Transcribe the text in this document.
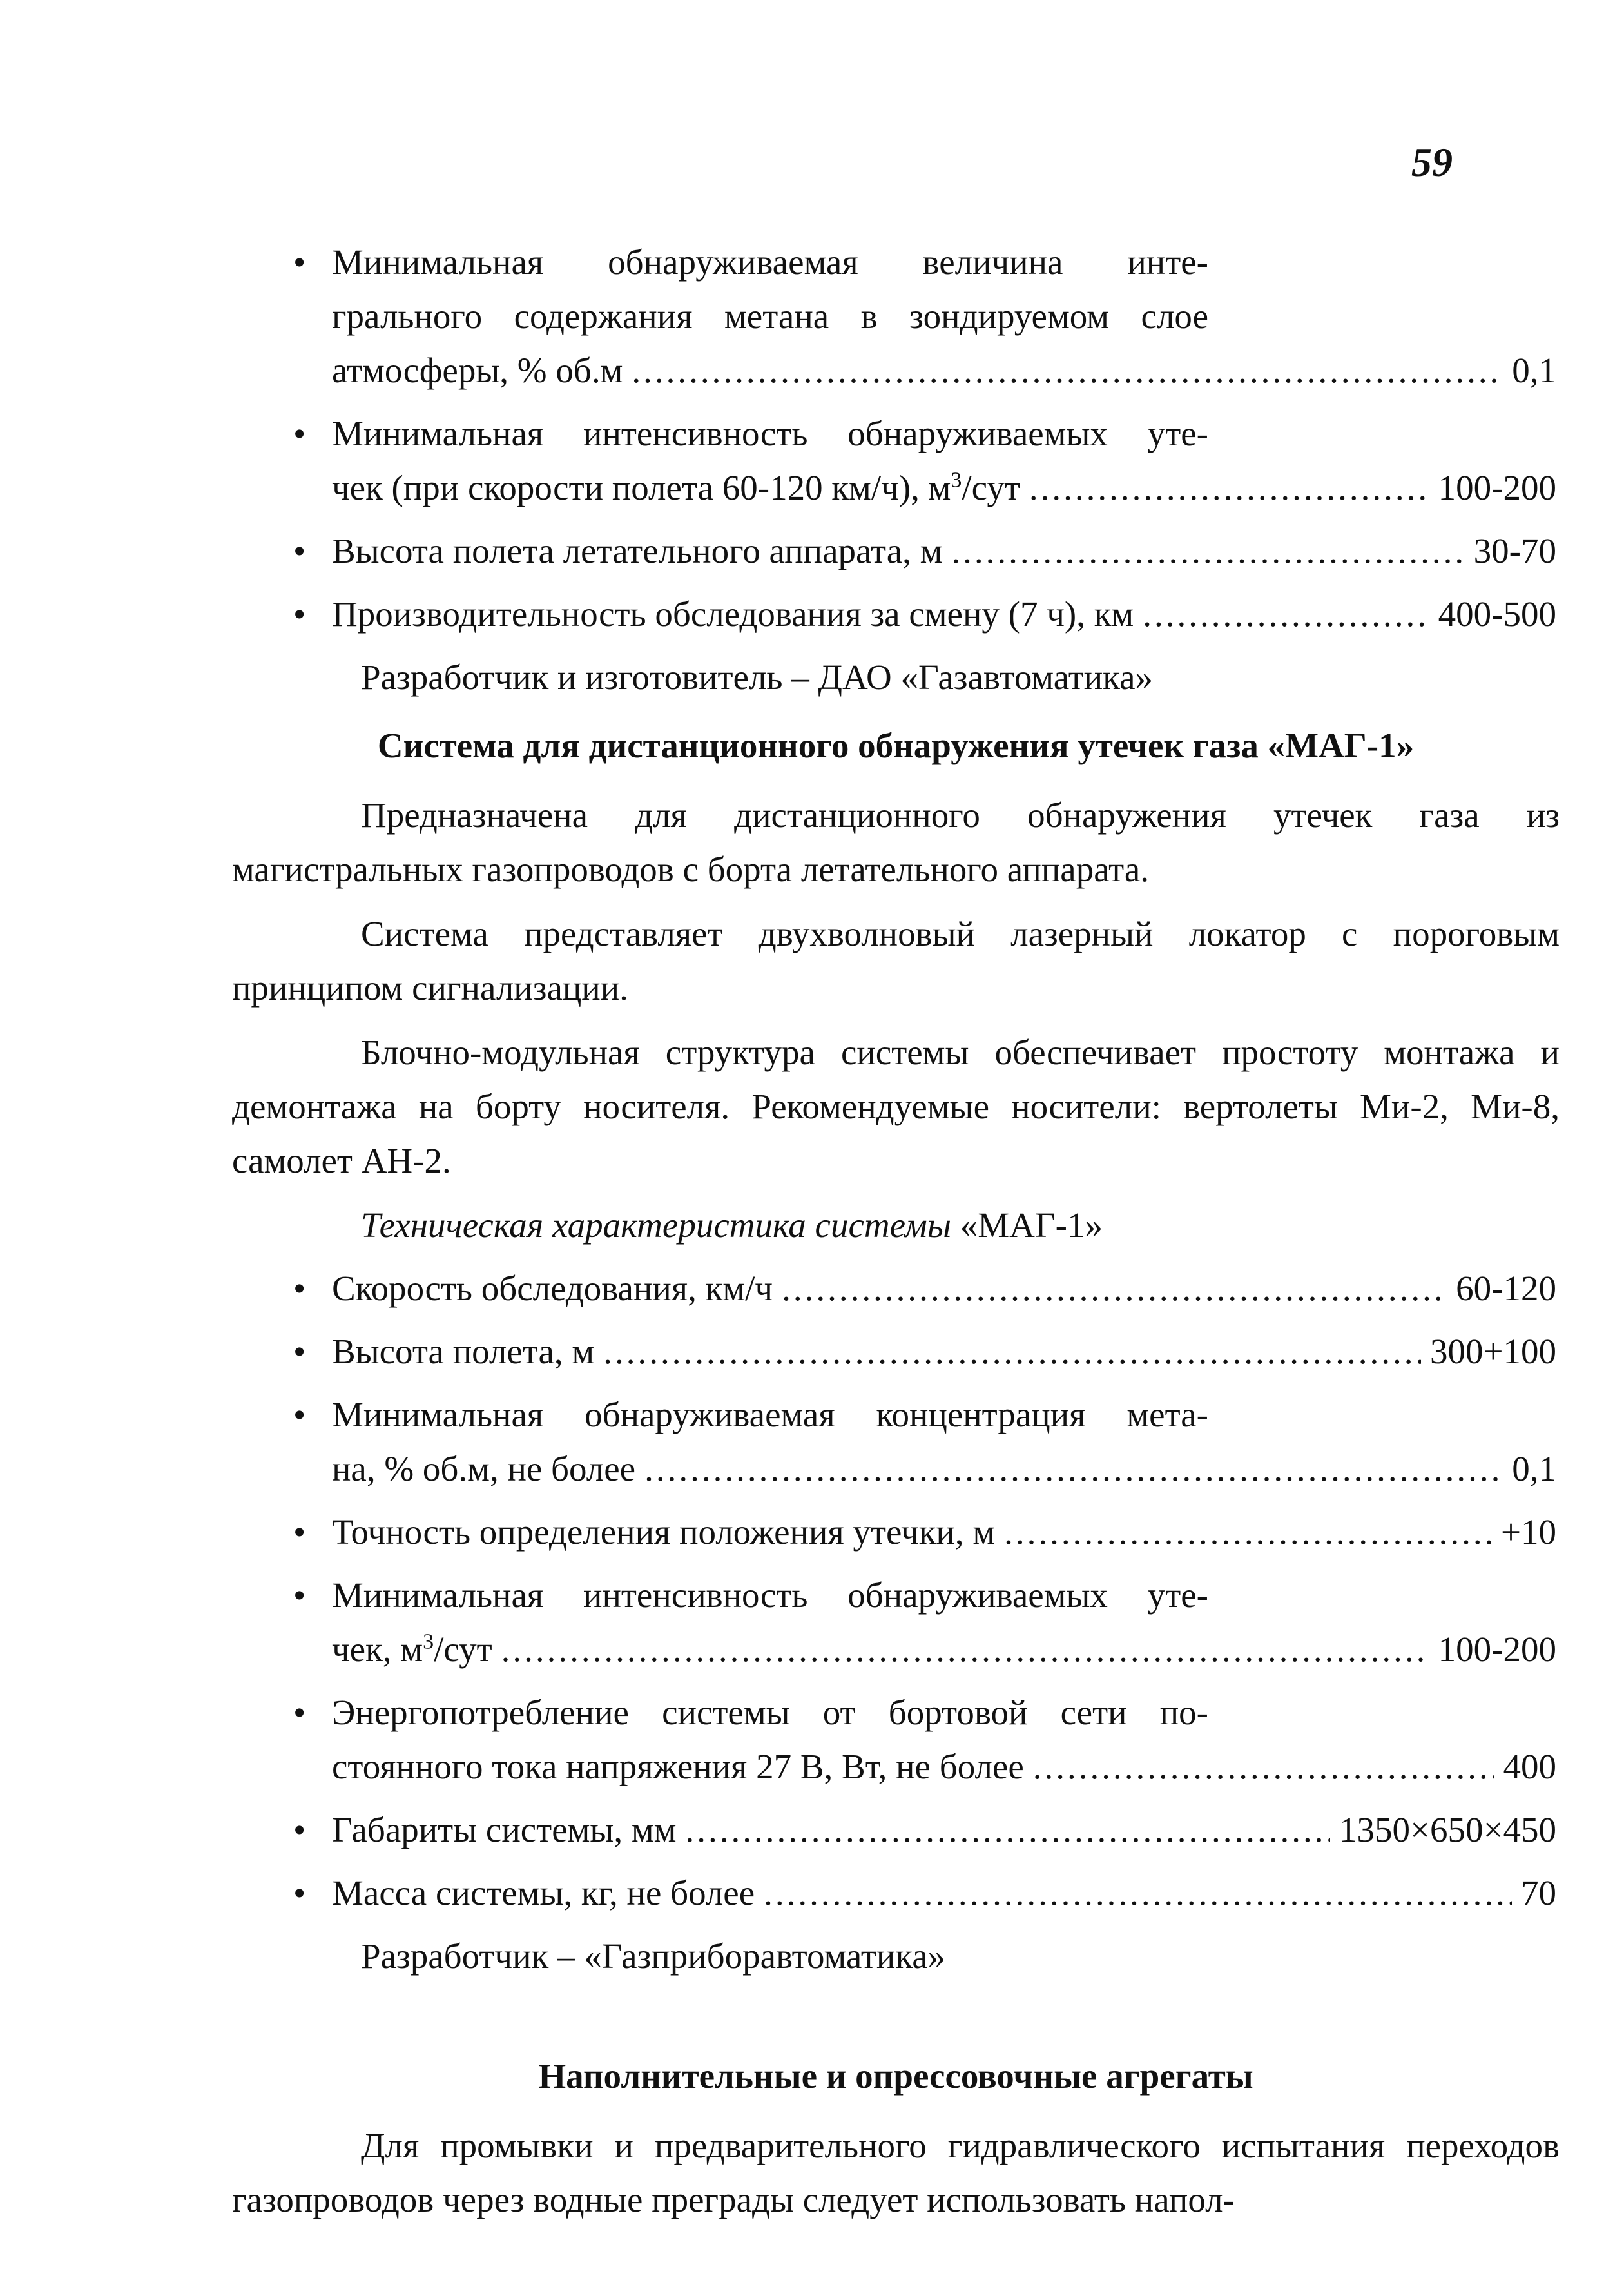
59
• Минимальная обнаруживаемая величина инте-
грального содержания метана в зондируемом слое
атмосферы, % об.м .....	0,1
• Минимальная интенсивность обнаруживаемых уте-
чек (при скорости полета 60-120 км/ч), $м^3$/сут .....	100-200
• Высота полета летательного аппарата, м .....	30-70
• Производительность обследования за смену (7 ч), км .....	400-500
Разработчик и изготовитель – ДАО «Газавтоматика»
Система для дистанционного обнаружения утечек газа «МАГ-1»

Предназначена для дистанционного обнаружения утечек газа из магистральных газопроводов с борта летательного аппарата.

Система представляет двухволновый лазерный локатор с пороговым принципом сигнализации.

Блочно-модульная структура системы обеспечивает простоту монтажа и демонтажа на борту носителя. Рекомендуемые носители: вертолеты Ми-2, Ми-8, самолет АН-2.

Техническая характеристика системы «МАГ-1»
• Скорость обследования, км/ч .....	60-120
• Высота полета, м .....	300+100
• Минимальная обнаруживаемая концентрация мета-
на, % об.м, не более .....	0,1
• Точность определения положения утечки, м .....	+10
• Минимальная интенсивность обнаруживаемых уте-
чек, $м^3$/сут .....	100-200
• Энергопотребление системы от бортовой сети по-
стоянного тока напряжения 27 В, Вт, не более .....	400
• Габариты системы, мм .....	1350×650×450
• Масса системы, кг, не более .....	70
Разработчик – «Газприборавтоматика»
Наполнительные и опрессовочные агрегаты

Для промывки и предварительного гидравлического испытания переходов газопроводов через водные преграды следует использовать напол-
